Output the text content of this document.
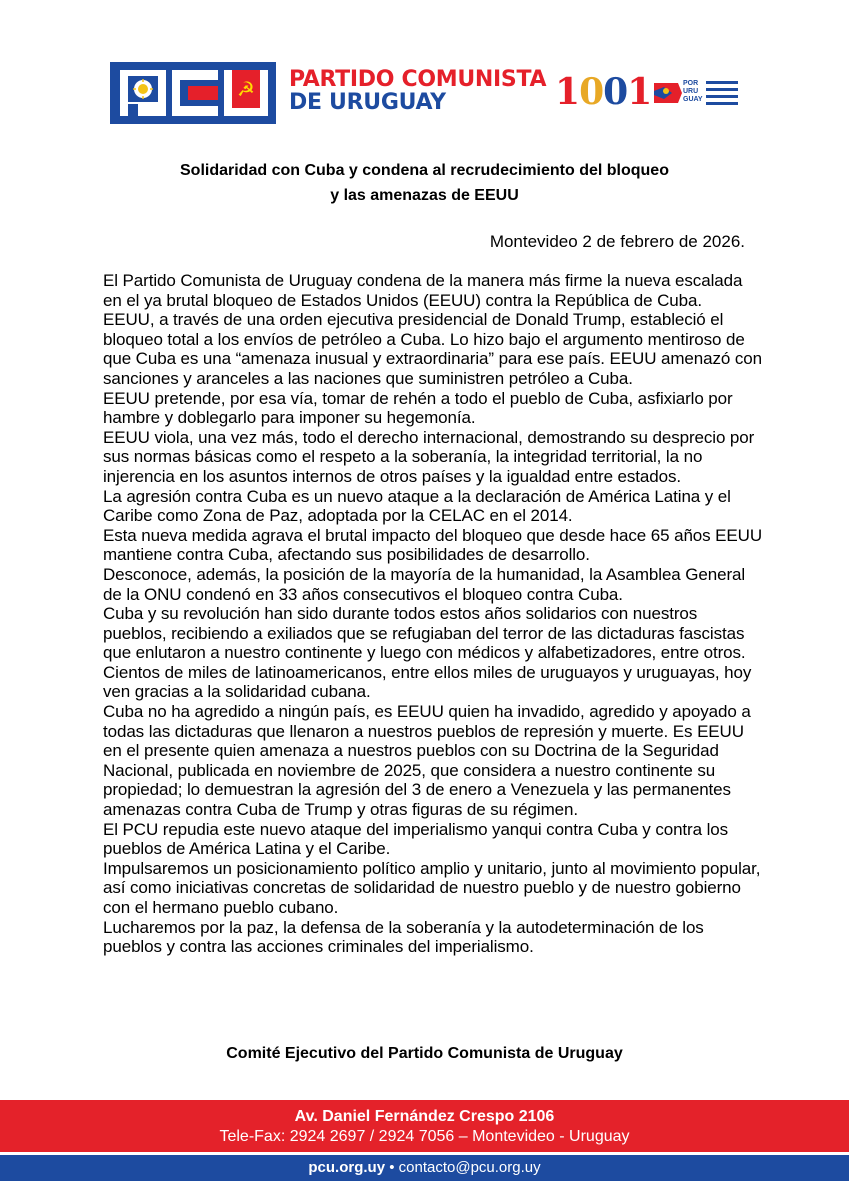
☭ PARTIDO COMUNISTA
DE URUGUAY	1001	POR
URU
GUAY
Solidaridad con Cuba y condena al recrudecimiento del bloqueo
y las amenazas de EEUU
Montevideo 2 de febrero de 2026.

El Partido Comunista de Uruguay condena de la manera más firme la nueva escalada en el ya brutal bloqueo de Estados Unidos (EEUU) contra la República de Cuba.

EEUU, a través de una orden ejecutiva presidencial de Donald Trump, estableció el bloqueo total a los envíos de petróleo a Cuba. Lo hizo bajo el argumento mentiroso de que Cuba es una “amenaza inusual y extraordinaria” para ese país. EEUU amenazó con sanciones y aranceles a las naciones que suministren petróleo a Cuba.

EEUU pretende, por esa vía, tomar de rehén a todo el pueblo de Cuba, asfixiarlo por hambre y doblegarlo para imponer su hegemonía.

EEUU viola, una vez más, todo el derecho internacional, demostrando su desprecio por sus normas básicas como el respeto a la soberanía, la integridad territorial, la no injerencia en los asuntos internos de otros países y la igualdad entre estados.

La agresión contra Cuba es un nuevo ataque a la declaración de América Latina y el Caribe como Zona de Paz, adoptada por la CELAC en el 2014.

Esta nueva medida agrava el brutal impacto del bloqueo que desde hace 65 años EEUU mantiene contra Cuba, afectando sus posibilidades de desarrollo.

Desconoce, además, la posición de la mayoría de la humanidad, la Asamblea General de la ONU condenó en 33 años consecutivos el bloqueo contra Cuba.

Cuba y su revolución han sido durante todos estos años solidarios con nuestros pueblos, recibiendo a exiliados que se refugiaban del terror de las dictaduras fascistas que enlutaron a nuestro continente y luego con médicos y alfabetizadores, entre otros. Cientos de miles de latinoamericanos, entre ellos miles de uruguayos y uruguayas, hoy ven gracias a la solidaridad cubana.

Cuba no ha agredido a ningún país, es EEUU quien ha invadido, agredido y apoyado a todas las dictaduras que llenaron a nuestros pueblos de represión y muerte. Es EEUU en el presente quien amenaza a nuestros pueblos con su Doctrina de la Seguridad Nacional, publicada en noviembre de 2025, que considera a nuestro continente su propiedad; lo demuestran la agresión del 3 de enero a Venezuela y las permanentes amenazas contra Cuba de Trump y otras figuras de su régimen.

El PCU repudia este nuevo ataque del imperialismo yanqui contra Cuba y contra los pueblos de América Latina y el Caribe.

Impulsaremos un posicionamiento político amplio y unitario, junto al movimiento popular, así como iniciativas concretas de solidaridad de nuestro pueblo y de nuestro gobierno con el hermano pueblo cubano.

Lucharemos por la paz, la defensa de la soberanía y la autodeterminación de los pueblos y contra las acciones criminales del imperialismo.

Comité Ejecutivo del Partido Comunista de Uruguay
Av. Daniel Fernández Crespo 2106
Tele-Fax: 2924 2697 / 2924 7056 – Montevideo - Uruguay
pcu.org.uy • contacto@pcu.org.uy
